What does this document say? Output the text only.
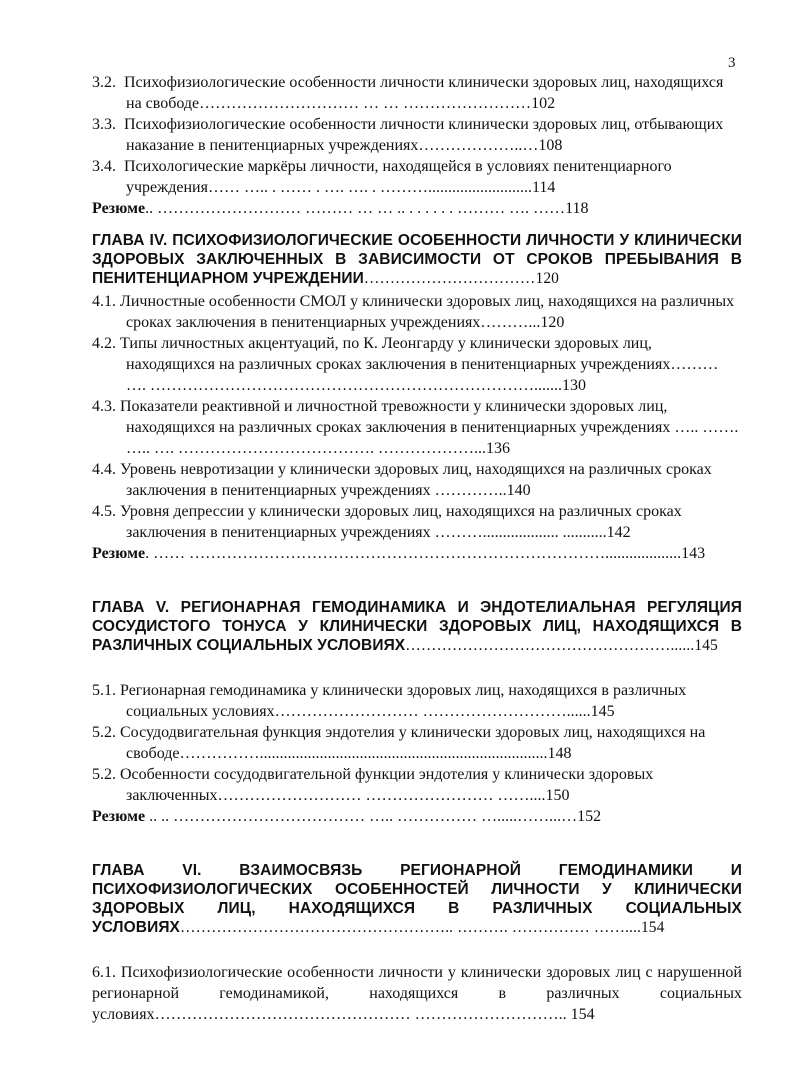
3
3.2. Психофизиологические особенности личности клинически здоровых лиц, находящихся на свободе………………………… … … ……………………102
3.3. Психофизиологические особенности личности клинически здоровых лиц, отбывающих наказание в пенитенциарных учреждениях………………..…108
3.4. Психологические маркёры личности, находящейся в условиях пенитенциарного учреждения…… ….. . …… . …. …. . ………..........................114
Резюме.. ……………………… ……… … … .. . . . . . . ……… …. ……118
ГЛАВА IV. ПСИХОФИЗИОЛОГИЧЕСКИЕ ОСОБЕННОСТИ ЛИЧНОСТИ У КЛИНИЧЕСКИ ЗДОРОВЫХ ЗАКЛЮЧЕННЫХ В ЗАВИСИМОСТИ ОТ СРОКОВ ПРЕБЫВАНИЯ В ПЕНИТЕНЦИАРНОМ УЧРЕЖДЕНИИ……………………………120
4.1. Личностные особенности СМОЛ у клинически здоровых лиц, находящихся на различных сроках заключения в пенитенциарных учреждениях………...120
4.2. Типы личностных акцентуаций, по К. Леонгарду у клинически здоровых лиц, находящихся на различных сроках заключения в пенитенциарных учреждениях……… …. ……………………………………………………………….......130
4.3. Показатели реактивной и личностной тревожности у клинически здоровых лиц, находящихся на различных сроках заключения в пенитенциарных учреждениях ….. ……. ….. …. ………………………………. ………………...136
4.4. Уровень невротизации у клинически здоровых лиц, находящихся на различных сроках заключения в пенитенциарных учреждениях …………..140
4.5. Уровня депрессии у клинически здоровых лиц, находящихся на различных сроках заключения в пенитенциарных учреждениях ………................... ...........142
Резюме. …… ……………………………………………………………………...................143
ГЛАВА V. РЕГИОНАРНАЯ ГЕМОДИНАМИКА И ЭНДОТЕЛИАЛЬНАЯ РЕГУЛЯЦИЯ СОСУДИСТОГО ТОНУСА У КЛИНИЧЕСКИ ЗДОРОВЫХ ЛИЦ, НАХОДЯЩИХСЯ В РАЗЛИЧНЫХ СОЦИАЛЬНЫХ УСЛОВИЯХ……………………………………………......145
5.1. Регионарная гемодинамика у клинически здоровых лиц, находящихся в различных социальных условиях……………………… ………………………......145
5.2. Сосудодвигательная функция эндотелия у клинически здоровых лиц, находящихся на свободе……………........................................................................148
5.2. Особенности сосудодвигательной функции эндотелия у клинически здоровых заключенных……………………… …………………… ……....150
Резюме .. .. ……………………………… ….. …………… ….....……...…152
ГЛАВА VI. ВЗАИМОСВЯЗЬ РЕГИОНАРНОЙ ГЕМОДИНАМИКИ И ПСИХОФИЗИОЛОГИЧЕСКИХ ОСОБЕННОСТЕЙ ЛИЧНОСТИ У КЛИНИЧЕСКИ ЗДОРОВЫХ ЛИЦ, НАХОДЯЩИХСЯ В РАЗЛИЧНЫХ СОЦИАЛЬНЫХ УСЛОВИЯХ…………………………………………….. ………. …………… ……....154
6.1. Психофизиологические особенности личности у клинически здоровых лиц с нарушенной регионарной гемодинамикой, находящихся в различных социальных условиях………………………………………… ……………………….. 154
